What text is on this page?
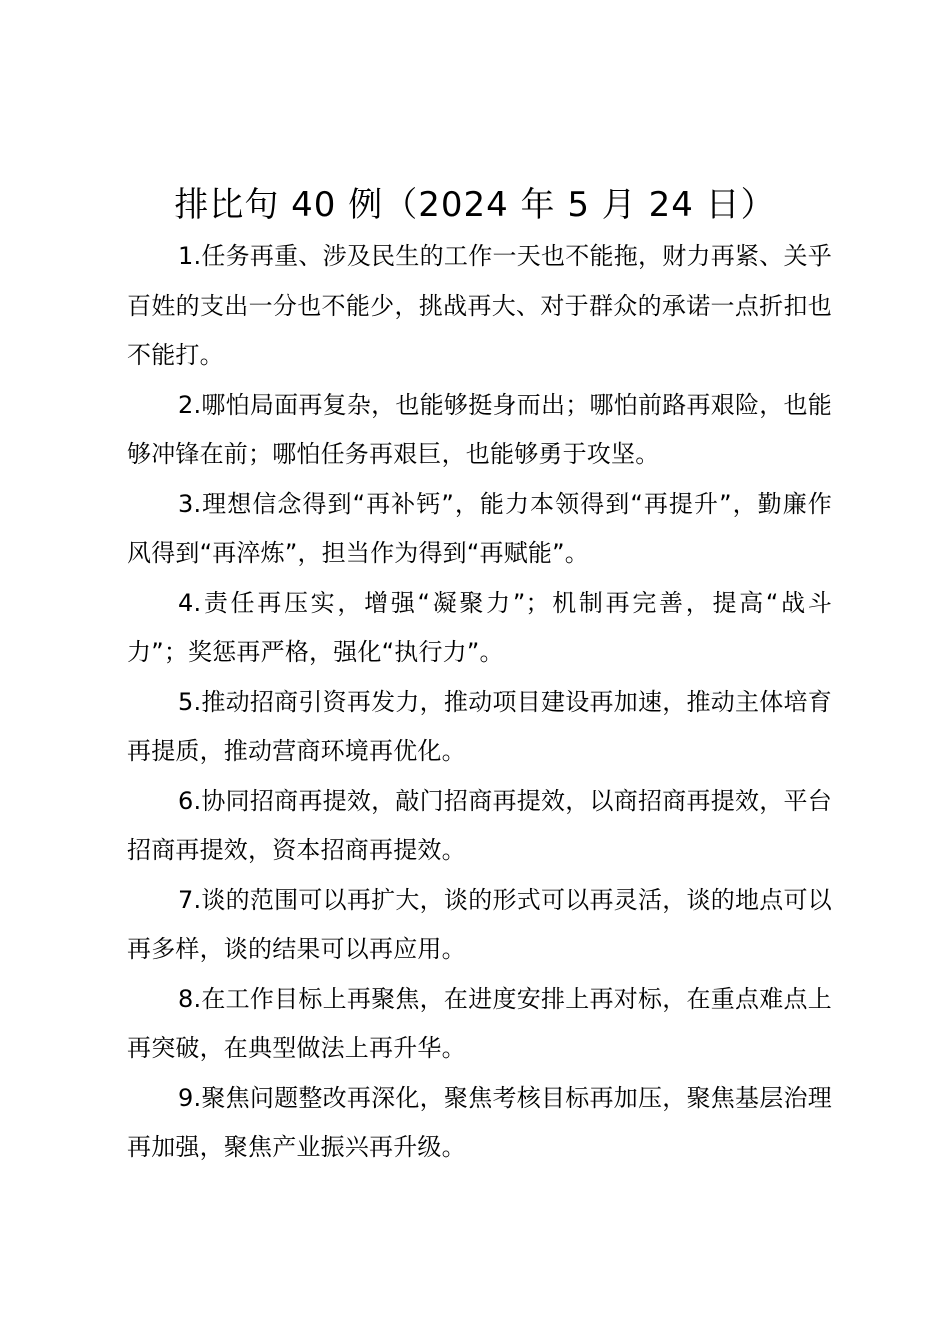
排比句 40 例（2024 年 5 月 24 日）

1.任务再重、涉及民生的工作一天也不能拖，财力再紧、关乎百姓的支出一分也不能少，挑战再大、对于群众的承诺一点折扣也不能打。

2.哪怕局面再复杂，也能够挺身而出；哪怕前路再艰险，也能够冲锋在前；哪怕任务再艰巨，也能够勇于攻坚。

3.理想信念得到“再补钙”，能力本领得到“再提升”，勤廉作风得到“再淬炼”，担当作为得到“再赋能”。

4.责任再压实，增强“凝聚力”；机制再完善，提高“战斗力”；奖惩再严格，强化“执行力”。

5.推动招商引资再发力，推动项目建设再加速，推动主体培育再提质，推动营商环境再优化。

6.协同招商再提效，敲门招商再提效，以商招商再提效，平台招商再提效，资本招商再提效。

7.谈的范围可以再扩大，谈的形式可以再灵活，谈的地点可以再多样，谈的结果可以再应用。

8.在工作目标上再聚焦，在进度安排上再对标，在重点难点上再突破，在典型做法上再升华。

9.聚焦问题整改再深化，聚焦考核目标再加压，聚焦基层治理再加强，聚焦产业振兴再升级。
